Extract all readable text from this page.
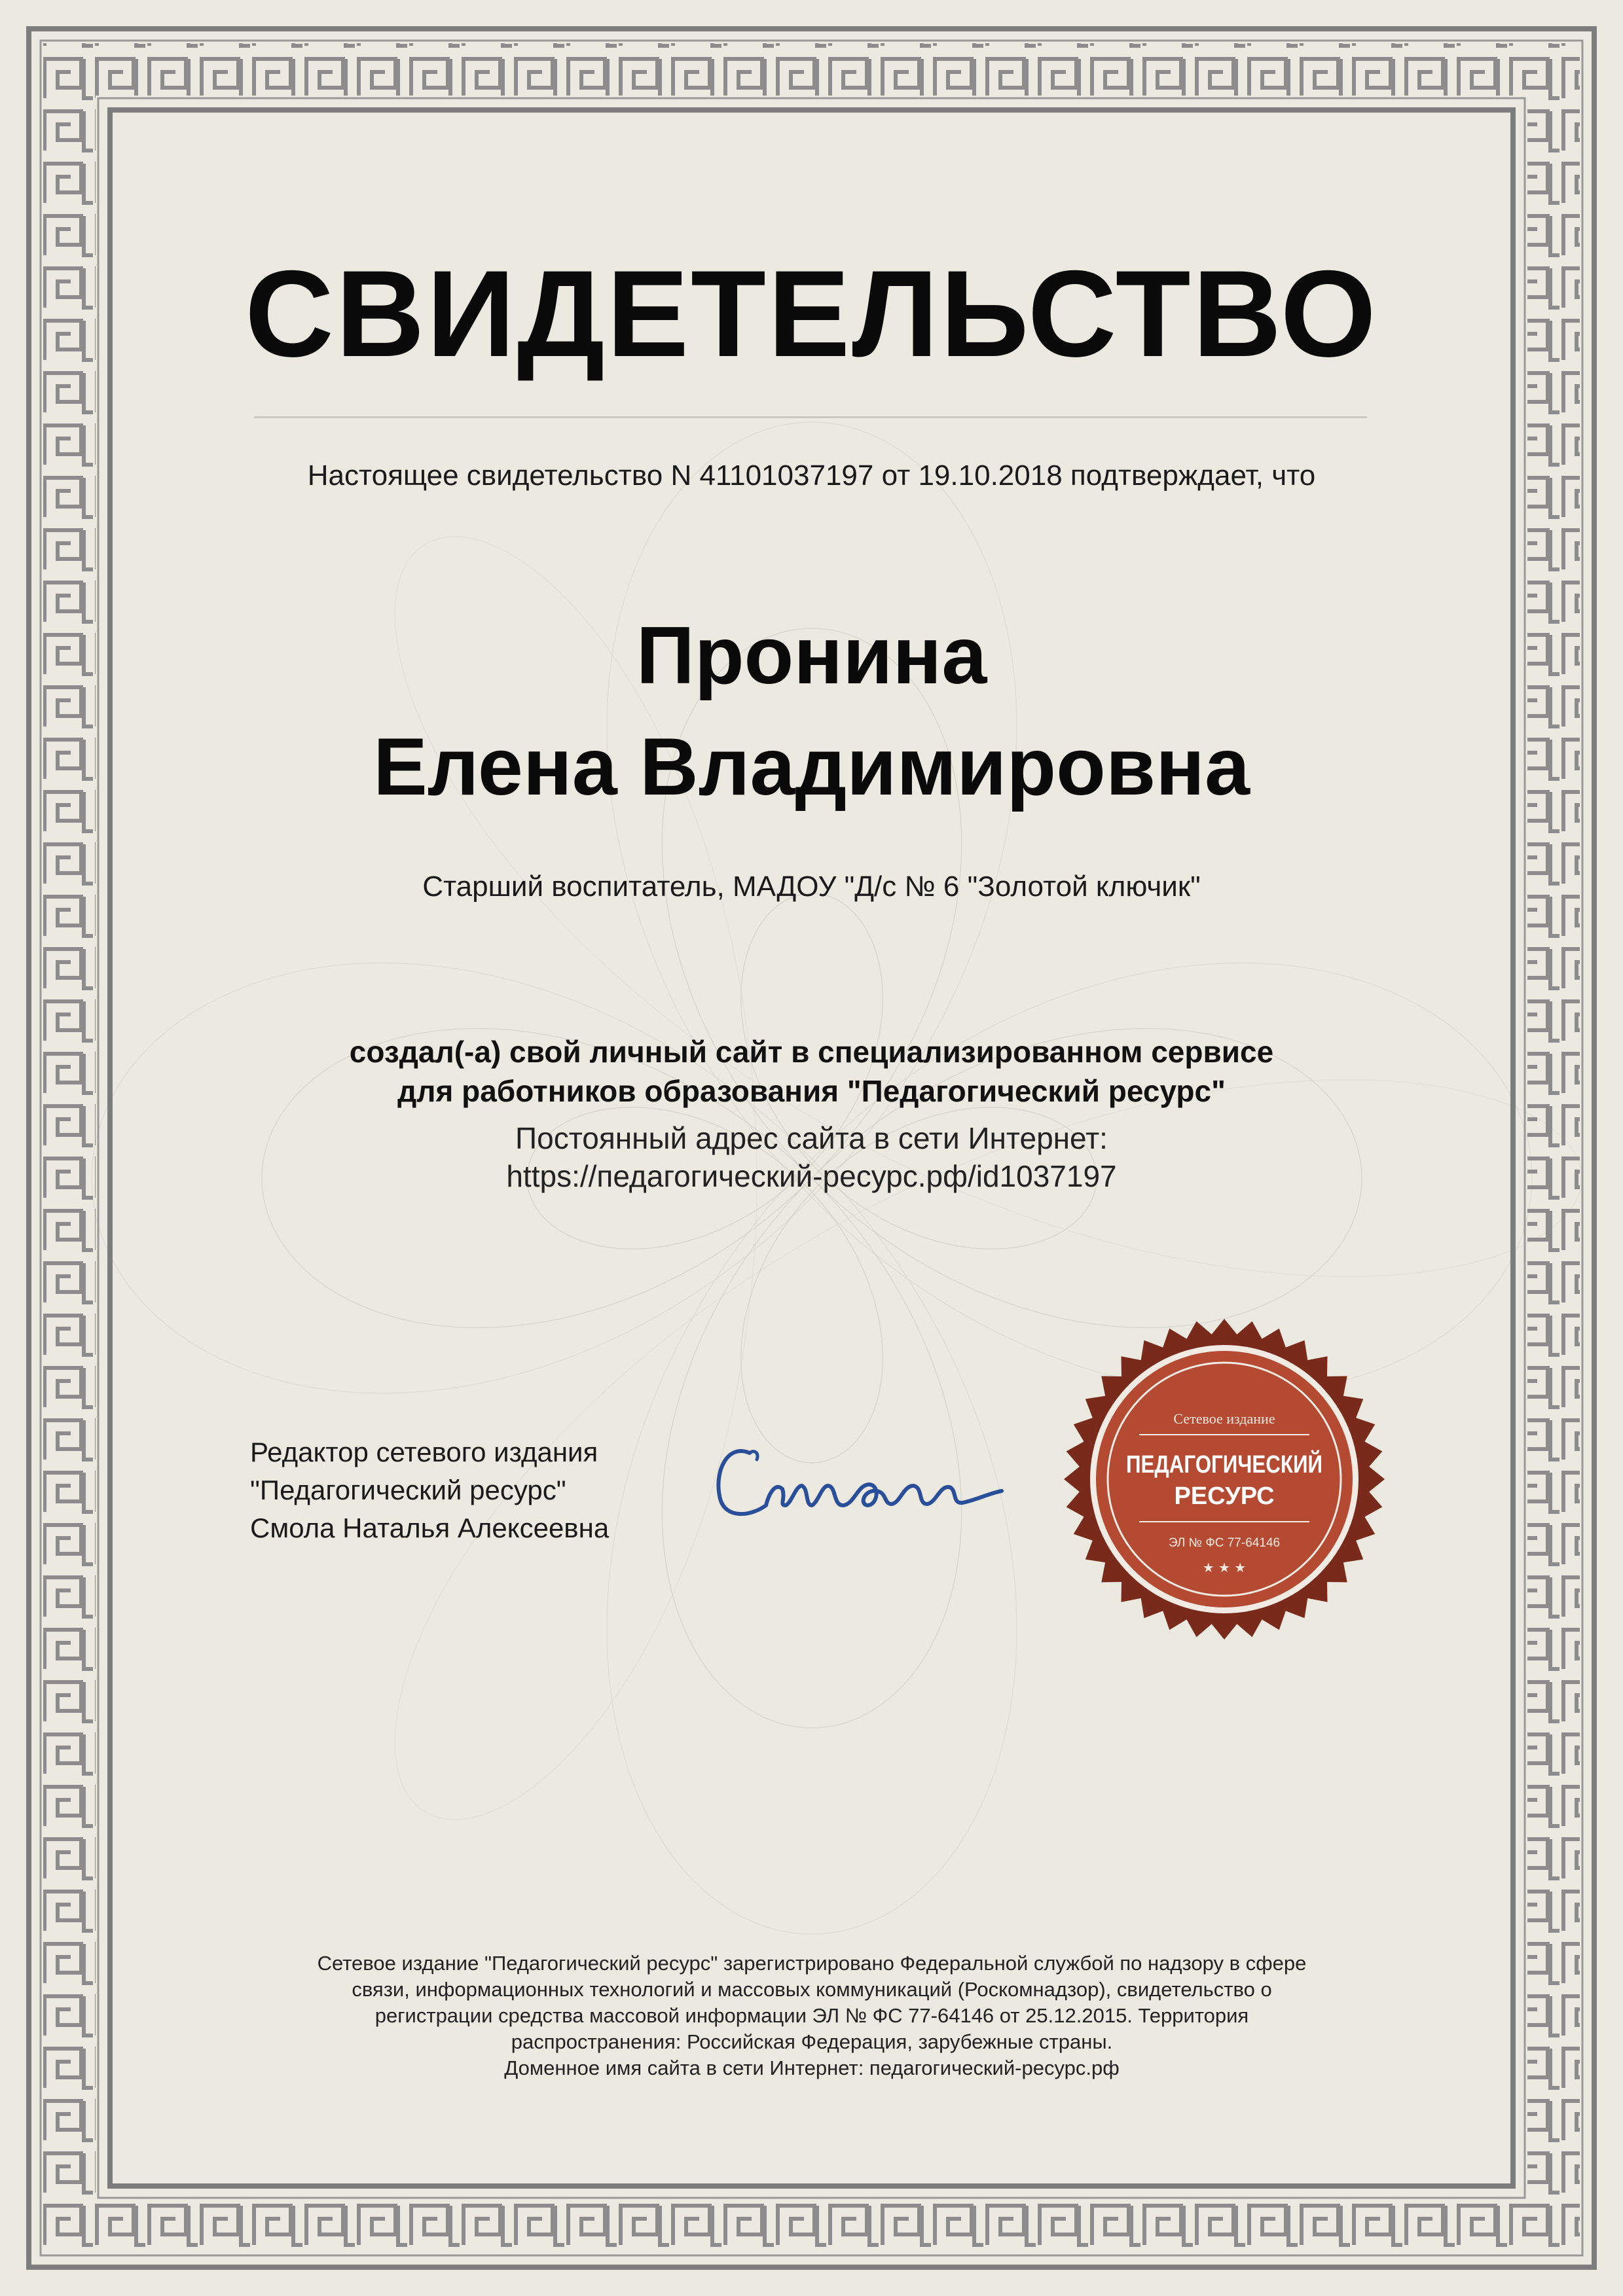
СВИДЕТЕЛЬСТВО
Настоящее свидетельство N 41101037197 от 19.10.2018 подтверждает, что
Пронина
Елена Владимировна
Старший воспитатель, МАДОУ "Д/с № 6 "Золотой ключик"
создал(-а) свой личный сайт в специализированном сервисе
для работников образования "Педагогический ресурс"
Постоянный адрес сайта в сети Интернет:
https://педагогический-ресурс.рф/id1037197
Редактор сетевого издания
"Педагогический ресурс"
Смола Наталья Алексеевна
Сетевое издание
ПЕДАГОГИЧЕСКИЙ
РЕСУРС
ЭЛ № ФС 77-64146
★ ★ ★
Сетевое издание "Педагогический ресурс" зарегистрировано Федеральной службой по надзору в сфере
связи, информационных технологий и массовых коммуникаций (Роскомнадзор), свидетельство о
регистрации средства массовой информации ЭЛ № ФС 77-64146 от 25.12.2015. Территория
распространения: Российская Федерация, зарубежные страны.
Доменное имя сайта в сети Интернет: педагогический-ресурс.рф
